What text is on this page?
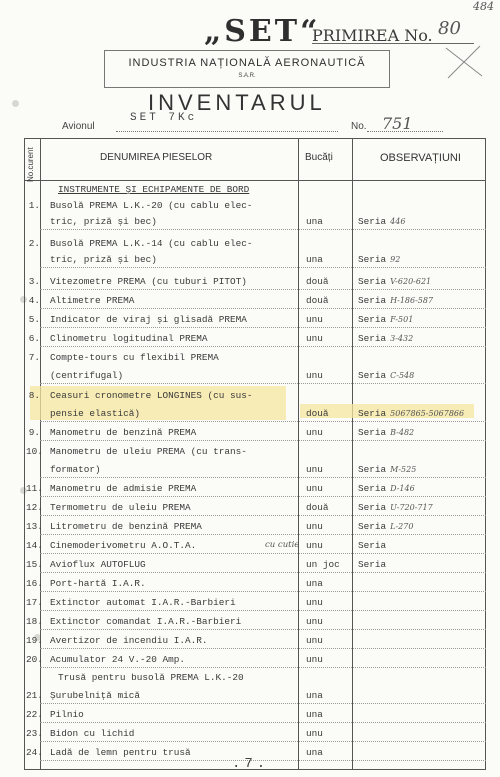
484
„SET“
PRIMIREA No. 80
INDUSTRIA NAȚIONALĂ AERONAUTICĂ
S.A.R.
INVENTARUL
Avionul
SET 7Kc
No. 751
No.curent	DENUMIREA PIESELOR	Bucăți	OBSERVAȚIUNI
INSTRUMENTE ȘI ECHIPAMENTE DE BORD
1. Busolă PREMA L.K.-20 (cu cablu elec-
tric, priză și bec)	una	Seria 446
2. Busolă PREMA L.K.-14 (cu cablu elec-
tric, priză și bec)	una	Seria 92
3. Vitezometre PREMA (cu tuburi PITOT)	două	Seria V-620-621
4. Altimetre PREMA	două	Seria H-186-587
5. Indicator de viraj și glisadă PREMA	unu	Seria F-501
6. Clinometru logitudinal PREMA	unu	Seria 3-432
7. Compte-tours cu flexibil PREMA
(centrifugal)	unu	Seria C-548
8. Ceasuri cronometre LONGINES (cu sus-
pensie elastică)	două	Seria 5067865-5067866
9. Manometru de benzină PREMA	unu	Seria B-482
10. Manometru de uleiu PREMA (cu trans-
formator)	unu	Seria M-525
11. Manometru de admisie PREMA	unu	Seria D-146
12. Termometru de uleiu PREMA	două	Seria U-720-717
13. Litrometru de benzină PREMA	unu	Seria L-270
14. Cinemoderivometru A.O.T.A.	cu cutie unu	Seria
15. Avioflux AUTOFLUG	un joc Seria
16. Port-hartă I.A.R.	una
17. Extinctor automat I.A.R.-Barbieri	unu
18. Extinctor comandat I.A.R.-Barbieri	unu
19. Avertizor de incendiu I.A.R.	unu
20. Acumulator 24 V.-20 Amp.	unu
Trusă pentru busolă PREMA L.K.-20
21. Șurubelniță mică	una
22. Pilnio	una
23. Bidon cu lichid	unu
24. Ladă de lemn pentru trusă	una
.7.
